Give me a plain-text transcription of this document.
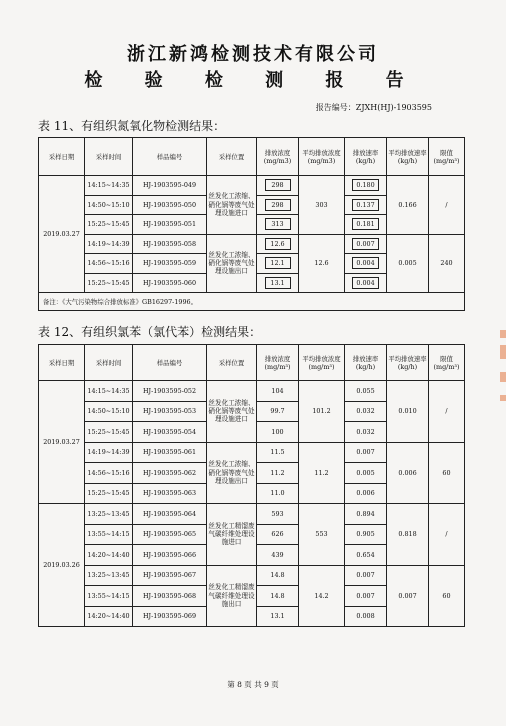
浙江新鸿检测技术有限公司
检 验 检 测 报 告
报告编号：ZJXH(HJ)-1903595
表 11、有组织氮氧化物检测结果：
采样日期	采样时间	样品编号	采样位置	排放浓度 (mg/m3)	平均排放浓度 (mg/m3)	排放速率 (kg/h)	平均排放速率 (kg/h)	限值 (mg/m³)
2019.03.27	14:15~14:35	HJ-1903595-049	丝发化工浓缩、硝化锅等废气处理设施进口	298	303	0.180	0.166	/
	14:50~15:10	HJ-1903595-050		298		0.137		
	15:25~15:45	HJ-1903595-051		313		0.181		
	14:19~14:39	HJ-1903595-058	丝发化工浓缩、硝化锅等废气处理设施出口	12.6	12.6	0.007	0.005	240
	14:56~15:16	HJ-1903595-059		12.1		0.004		
	15:25~15:45	HJ-1903595-060		13.1		0.004		
备注：《大气污染物综合排放标准》GB16297-1996。								
表 12、有组织氯苯（氯代苯）检测结果：
采样日期	采样时间	样品编号	采样位置	排放浓度 (mg/m³)	平均排放浓度 (mg/m³)	排放速率 (kg/h)	平均排放速率 (kg/h)	限值 (mg/m³)
2019.03.27	14:15~14:35	HJ-1903595-052	丝发化工浓缩、硝化锅等废气处理设施进口	104	101.2	0.055	0.010	/
	14:50~15:10	HJ-1903595-053		99.7		0.032		
	15:25~15:45	HJ-1903595-054		100		0.032		
	14:19~14:39	HJ-1903595-061	丝发化工浓缩、硝化锅等废气处理设施出口	11.5	11.2	0.007	0.006	60
	14:56~15:16	HJ-1903595-062		11.2		0.005		
	15:25~15:45	HJ-1903595-063		11.0		0.006		
2019.03.26	13:25~13:45	HJ-1903595-064	丝发化工精馏废气碳纤维处理设施进口	593	553	0.894	0.818	/
	13:55~14:15	HJ-1903595-065		626		0.905		
	14:20~14:40	HJ-1903595-066		439		0.654		
	13:25~13:45	HJ-1903595-067	丝发化工精馏废气碳纤维处理设施出口	14.8	14.2	0.007	0.007	60
	13:55~14:15	HJ-1903595-068		14.8		0.007		
	14:20~14:40	HJ-1903595-069		13.1		0.008		
第 8 页 共 9 页
